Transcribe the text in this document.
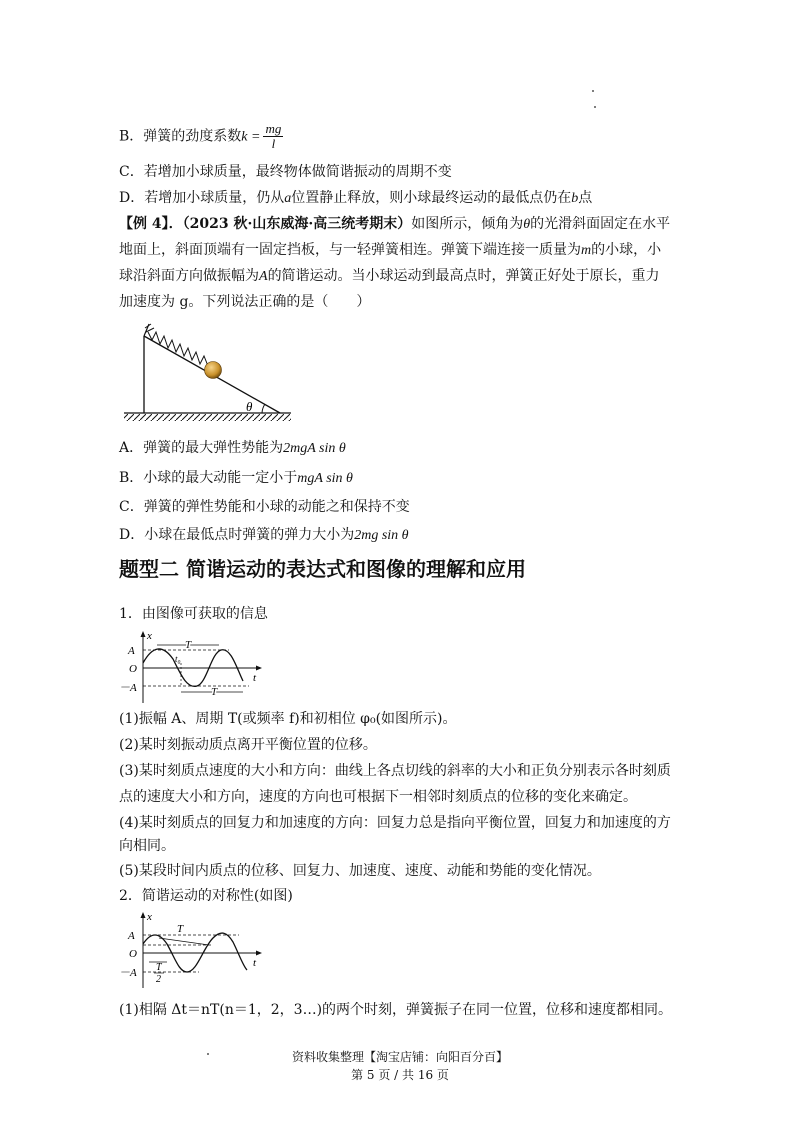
B．弹簧的劲度系数$k = \frac{mg}{l}$
C．若增加小球质量，最终物体做简谐振动的周期不变
D．若增加小球质量，仍从a位置静止释放，则小球最终运动的最低点仍在b点
【例 4】．（2023 秋·山东威海·高三统考期末）如图所示，倾角为θ的光滑斜面固定在水平
地面上，斜面顶端有一固定挡板，与一轻弹簧相连。弹簧下端连接一质量为m的小球，小
球沿斜面方向做振幅为A的简谐运动。当小球运动到最高点时，弹簧正好处于原长，重力
加速度为 g。下列说法正确的是（　　）
θ
A．弹簧的最大弹性势能为2mgA sin θ
B．小球的最大动能一定小于mgA sin θ
C．弹簧的弹性势能和小球的动能之和保持不变
D．小球在最低点时弹簧的弹力大小为2mg sin θ
题型二 简谐运动的表达式和图像的理解和应用
1．由图像可获取的信息
x
A
O
－A
t
T
t₀
T
(1)振幅 A、周期 T(或频率 f)和初相位 φ₀(如图所示)。
(2)某时刻振动质点离开平衡位置的位移。
(3)某时刻质点速度的大小和方向：曲线上各点切线的斜率的大小和正负分别表示各时刻质
点的速度大小和方向，速度的方向也可根据下一相邻时刻质点的位移的变化来确定。
(4)某时刻质点的回复力和加速度的方向：回复力总是指向平衡位置，回复力和加速度的方
向相同。
(5)某段时间内质点的位移、回复力、加速度、速度、动能和势能的变化情况。
2．简谐运动的对称性(如图)
x
A
O
－A
t
T
T
2
(1)相隔 Δt＝nT(n＝1，2，3…)的两个时刻，弹簧振子在同一位置，位移和速度都相同。
资料收集整理【淘宝店铺：向阳百分百】
第 5 页 / 共 16 页
